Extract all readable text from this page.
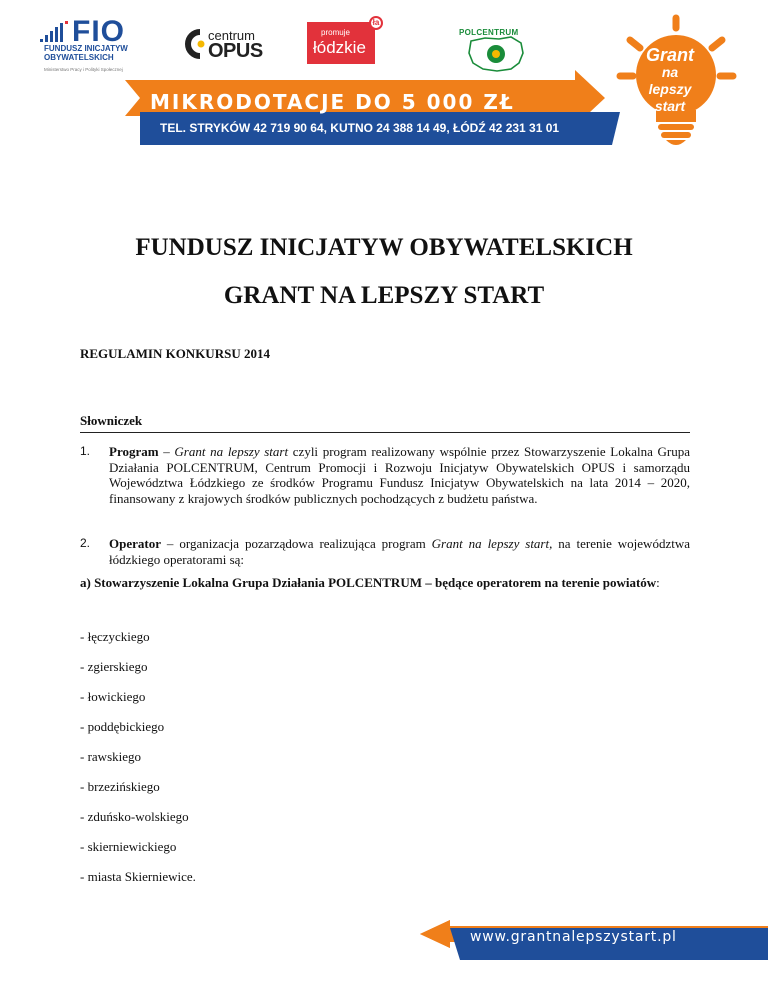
FIO
FUNDUSZ INICJATYW
OBYWATELSKICH
Ministerstwo Pracy i Polityki Społecznej
centrum
OPUS
promuje
łódzkie
ła
POLCENTRUM
MIKRODOTACJE DO 5 000 ZŁ
TEL. STRYKÓW 42 719 90 64, KUTNO 24 388 14 49, ŁÓDŹ 42 231 31 01
Grant
na lepszy
start
FUNDUSZ INICJATYW OBYWATELSKICH
GRANT NA LEPSZY START
REGULAMIN KONKURSU 2014
Słowniczek
1. Program – Grant na lepszy start czyli program realizowany wspólnie przez Stowarzyszenie Lokalna Grupa Działania POLCENTRUM, Centrum Promocji i Rozwoju Inicjatyw Obywatelskich OPUS i samorządu Województwa Łódzkiego ze środków Programu Fundusz Inicjatyw Obywatelskich na lata 2014 – 2020, finansowany z krajowych środków publicznych pochodzących z budżetu państwa.
2. Operator – organizacja pozarządowa realizująca program Grant na lepszy start, na terenie województwa łódzkiego operatorami są:
a) Stowarzyszenie Lokalna Grupa Działania POLCENTRUM – będące operatorem na terenie powiatów:
- łęczyckiego
- zgierskiego
- łowickiego
- poddębickiego
- rawskiego
- brzezińskiego
- zduńsko-wolskiego
- skierniewickiego
- miasta Skierniewice.
www.grantnalepszystart.pl
